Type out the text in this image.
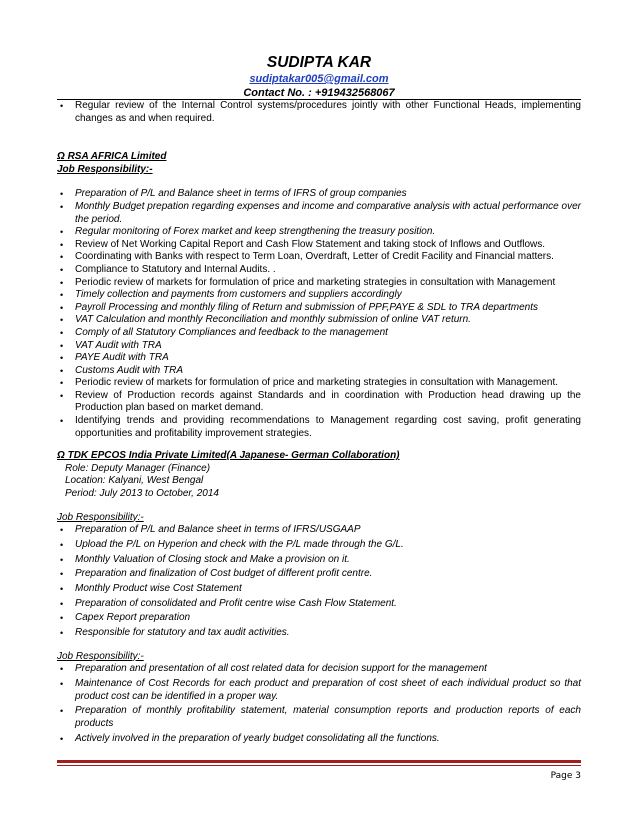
SUDIPTA KAR
sudiptakar005@gmail.com
Contact No. : +919432568067
• Regular review of the Internal Control systems/procedures jointly with other Functional Heads, implementing changes as and when required.
Ω RSA AFRICA Limited
Job Responsibility:-
• Preparation of P/L and Balance sheet in terms of IFRS of group companies
• Monthly Budget prepation regarding expenses and income and comparative analysis with actual performance over the period.
• Regular monitoring of Forex market and keep strengthening the treasury position.
• Review of Net Working Capital Report and Cash Flow Statement and taking stock of Inflows and Outflows.
• Coordinating with Banks with respect to Term Loan, Overdraft, Letter of Credit Facility and Financial matters.
• Compliance to Statutory and Internal Audits. .
• Periodic review of markets for formulation of price and marketing strategies in consultation with Management
• Timely collection and payments from customers and suppliers accordingly
• Payroll Processing and monthly filing of Return and submission of PPF,PAYE & SDL to TRA departments
• VAT Calculation and monthly Reconciliation and monthly submission of online VAT return.
• Comply of all Statutory Compliances and feedback to the management
• VAT Audit with TRA
• PAYE Audit with TRA
• Customs Audit with TRA
• Periodic review of markets for formulation of price and marketing strategies in consultation with Management.
• Review of Production records against Standards and in coordination with Production head drawing up the Production plan based on market demand.
• Identifying trends and providing recommendations to Management regarding cost saving, profit generating opportunities and profitability improvement strategies.
Ω TDK EPCOS India Private Limited(A Japanese- German Collaboration)
Role: Deputy Manager (Finance)
Location: Kalyani, West Bengal
Period: July 2013 to October, 2014
Job Responsibility:-
• Preparation of P/L and Balance sheet in terms of IFRS/USGAAP
• Upload the P/L on Hyperion and check with the P/L made through the G/L.
• Monthly Valuation of Closing stock and Make a provision on it.
• Preparation and finalization of Cost budget of different profit centre.
• Monthly Product wise Cost Statement
• Preparation of consolidated and Profit centre wise Cash Flow Statement.
• Capex Report preparation
• Responsible for statutory and tax audit activities.
Job Responsibility:-
• Preparation and presentation of all cost related data for decision support for the management
• Maintenance of Cost Records for each product and preparation of cost sheet of each individual product so that product cost can be identified in a proper way.
• Preparation of monthly profitability statement, material consumption reports and production reports of each products
• Actively involved in the preparation of yearly budget consolidating all the functions.
Page 3
